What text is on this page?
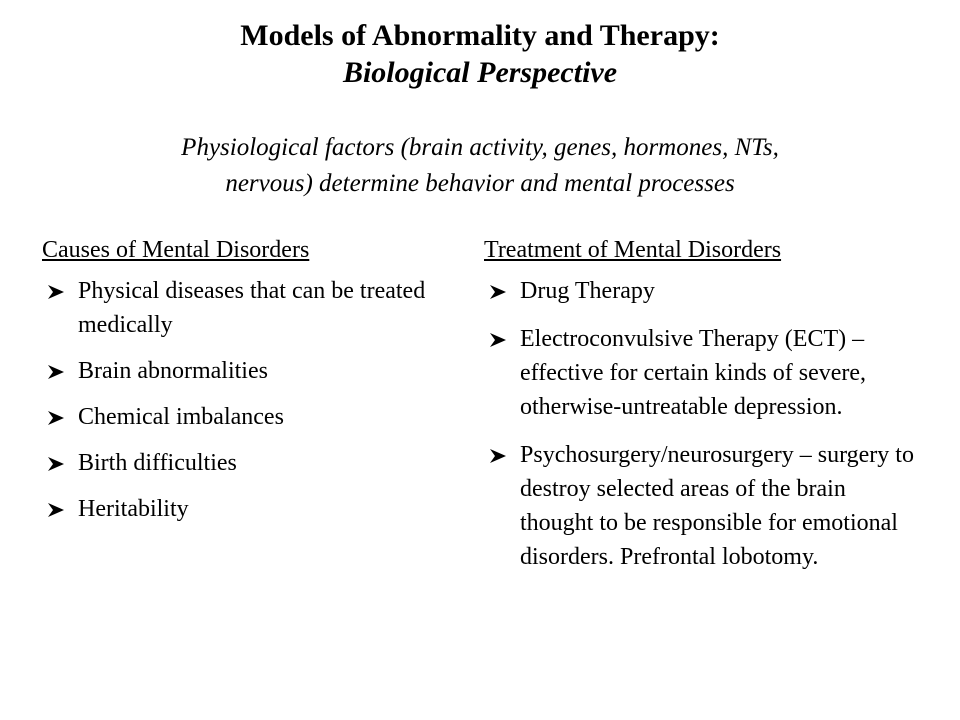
Models of Abnormality and Therapy:

Biological Perspective

Physiological factors (brain activity, genes, hormones, NTs,
nervous) determine behavior and mental processes

Causes of Mental Disorders

Physical diseases that can be treated medically
Brain abnormalities
Chemical imbalances
Birth difficulties
Heritability

Treatment of Mental Disorders

Drug Therapy
Electroconvulsive Therapy (ECT) – effective for certain kinds of severe, otherwise-untreatable depression.
Psychosurgery/neurosurgery – surgery to destroy selected areas of the brain thought to be responsible for emotional disorders. Prefrontal lobotomy.
